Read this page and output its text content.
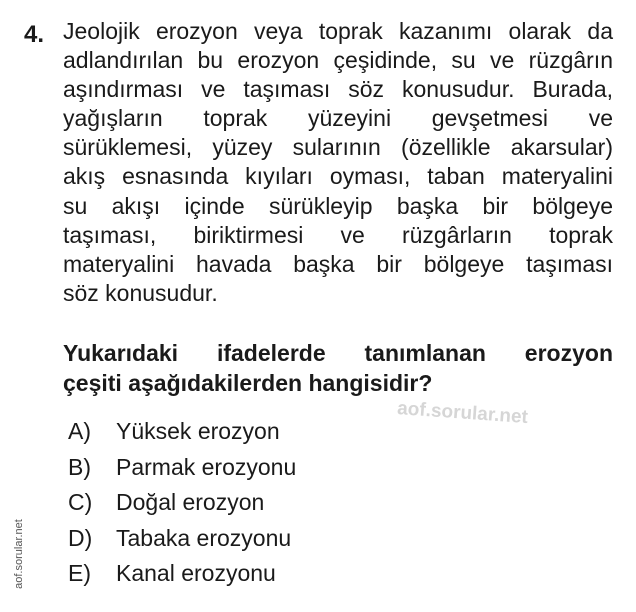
4. Jeolojik erozyon veya toprak kazanımı olarak da
adlandırılan bu erozyon çeşidinde, su ve rüzgârın
aşındırması ve taşıması söz konusudur. Burada,
yağışların toprak yüzeyini gevşetmesi ve
sürüklemesi, yüzey sularının (özellikle akarsular)
akış esnasında kıyıları oyması, taban materyalini
su akışı içinde sürükleyip başka bir bölgeye
taşıması, biriktirmesi ve rüzgârların toprak
materyalini havada başka bir bölgeye taşıması
söz konusudur.
Yukarıdaki ifadelerde tanımlanan erozyon
çeşiti aşağıdakilerden hangisidir?
aof.sorular.net
A)	Yüksek erozyon
B)	Parmak erozyonu
C)	Doğal erozyon
D)	Tabaka erozyonu
E)	Kanal erozyonu
aof.sorular.net
